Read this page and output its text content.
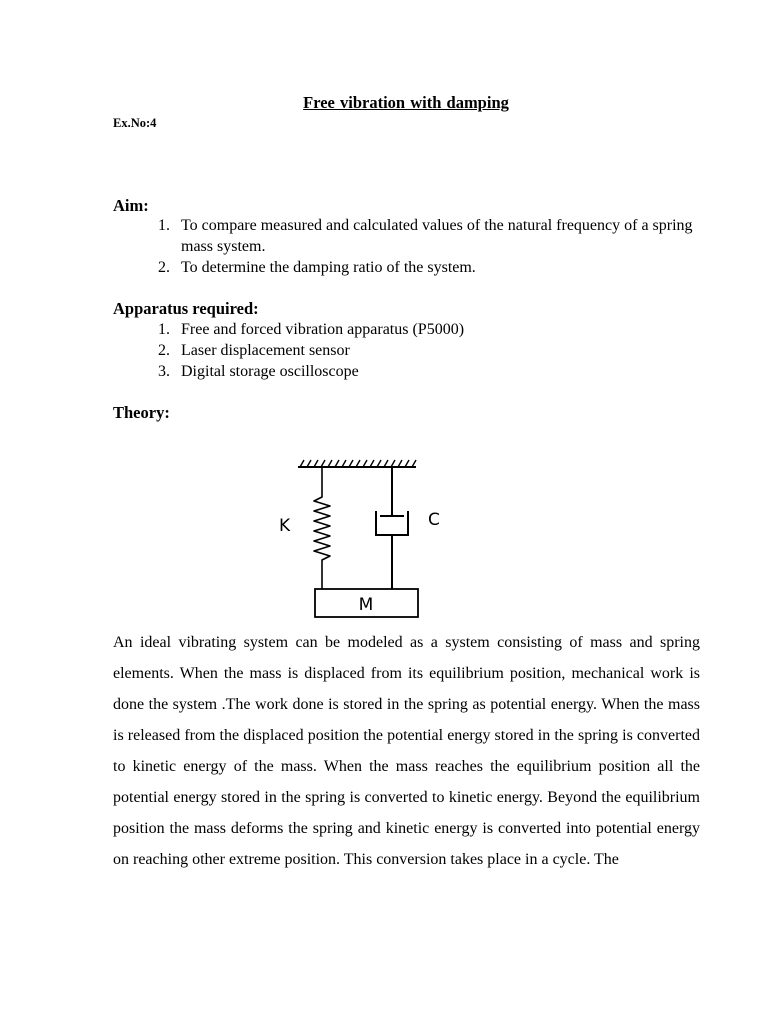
Free vibration with damping
Ex.No:4
Aim:
1. To compare measured and calculated values of the natural frequency of a spring mass system.
2. To determine the damping ratio of the system.
Apparatus required:
1. Free and forced vibration apparatus (P5000)
2. Laser displacement sensor
3. Digital storage oscilloscope
Theory:
K	C
M

An ideal vibrating system can be modeled as a system consisting of mass and spring elements. When the mass is displaced from its equilibrium position, mechanical work is done the system .The work done is stored in the spring as potential energy. When the mass is released from the displaced position the potential energy stored in the spring is converted to kinetic energy of the mass. When the mass reaches the equilibrium position all the potential energy stored in the spring is converted to kinetic energy. Beyond the equilibrium position the mass deforms the spring and kinetic energy is converted into potential energy on reaching other extreme position. This conversion takes place in a cycle. The
